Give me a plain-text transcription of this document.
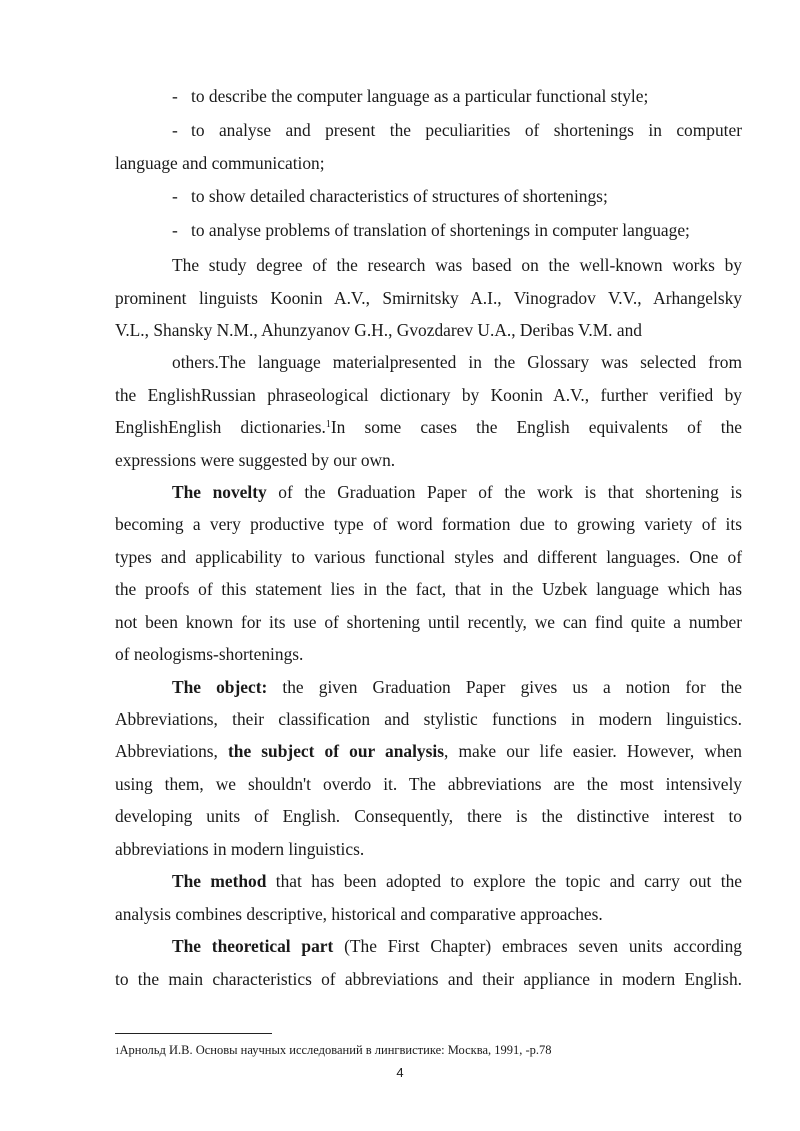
- to describe the computer language as a particular functional style;
- to analyse and present the peculiarities of shortenings in computer
language and communication;
- to show detailed characteristics of structures of shortenings;
- to analyse problems of translation of shortenings in computer language;
The study degree of the research was based on the well-known works by
prominent linguists Koonin A.V., Smirnitsky A.I., Vinogradov V.V., Arhangelsky
V.L., Shansky N.M., Ahunzyanov G.H., Gvozdarev U.A., Deribas V.M. and
others.The language materialpresented in the Glossary was selected from
the EnglishRussian phraseological dictionary by Koonin A.V., further verified by
EnglishEnglish dictionaries.$^1$In some cases the English equivalents of the
expressions were suggested by our own.
The novelty of the Graduation Paper of the work is that shortening is
becoming a very productive type of word formation due to growing variety of its
types and applicability to various functional styles and different languages. One of
the proofs of this statement lies in the fact, that in the Uzbek language which has
not been known for its use of shortening until recently, we can find quite a number
of neologisms-shortenings.
The object: the given Graduation Paper gives us a notion for the
Abbreviations, their classification and stylistic functions in modern linguistics.
Abbreviations, the subject of our analysis, make our life easier. However, when
using them, we shouldn't overdo it. The abbreviations are the most intensively
developing units of English. Consequently, there is the distinctive interest to
abbreviations in modern linguistics.
The method that has been adopted to explore the topic and carry out the
analysis combines descriptive, historical and comparative approaches.
The theoretical part (The First Chapter) embraces seven units according
to the main characteristics of abbreviations and their appliance in modern English.
1Арнольд И.В. Основы научных исследований в лингвистике: Москва, 1991, -р.78
4
